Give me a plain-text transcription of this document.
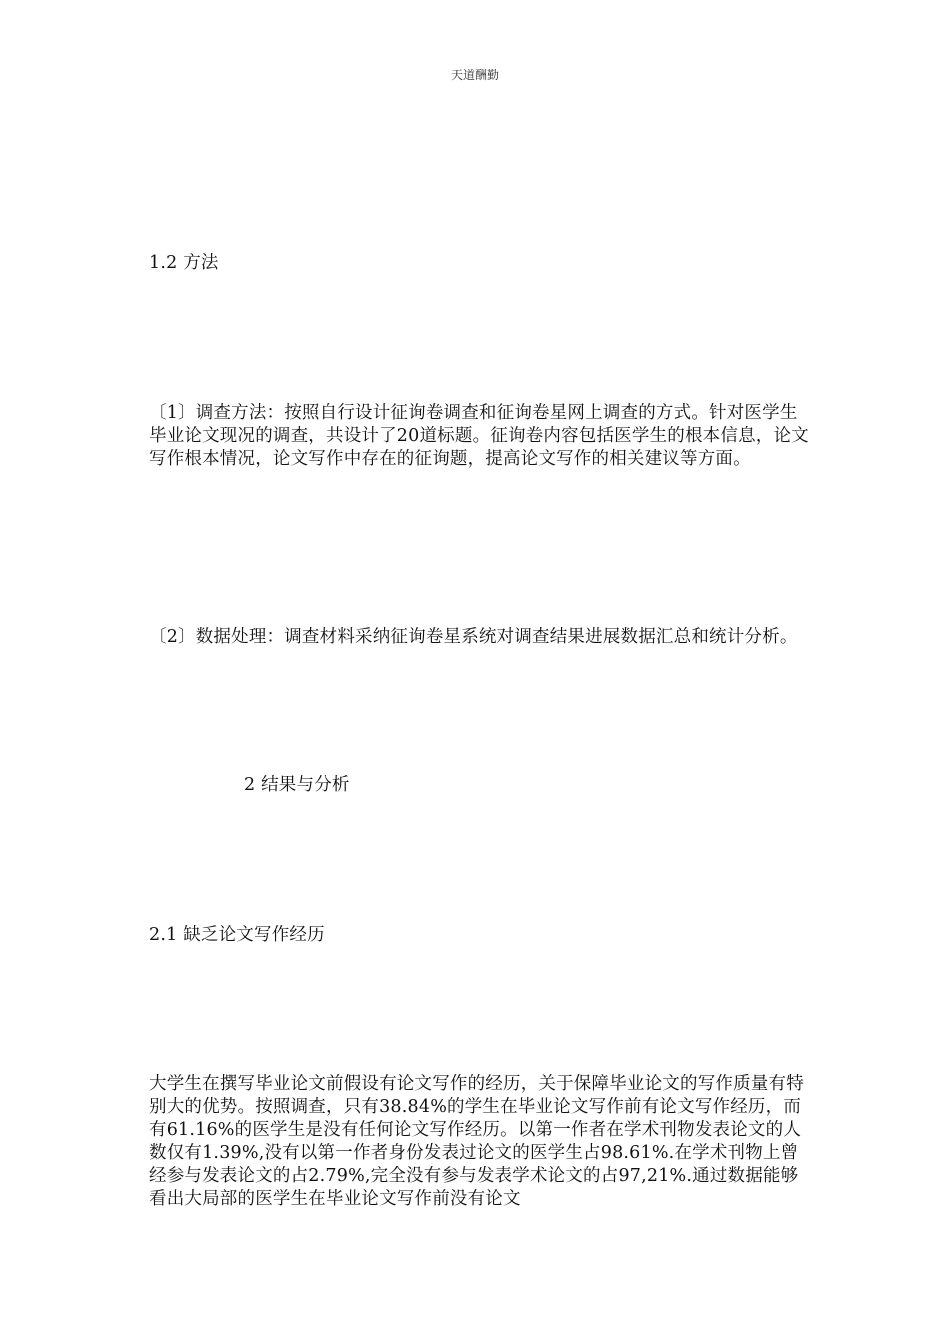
天道酬勤
1.2 方法
〔1〕调查方法：按照自行设计征询卷调查和征询卷星网上调查的方式。针对医学生毕业论文现况的调查，共设计了20道标题。征询卷内容包括医学生的根本信息，论文写作根本情况，论文写作中存在的征询题，提高论文写作的相关建议等方面。
〔2〕数据处理：调查材料采纳征询卷星系统对调查结果进展数据汇总和统计分析。
2 结果与分析
2.1 缺乏论文写作经历
大学生在撰写毕业论文前假设有论文写作的经历，关于保障毕业论文的写作质量有特别大的优势。按照调查，只有38.84%的学生在毕业论文写作前有论文写作经历，而有61.16%的医学生是没有任何论文写作经历。以第一作者在学术刊物发表论文的人数仅有1.39%,没有以第一作者身份发表过论文的医学生占98.61%.在学术刊物上曾经参与发表论文的占2.79%,完全没有参与发表学术论文的占97,21%.通过数据能够看出大局部的医学生在毕业论文写作前没有论文
